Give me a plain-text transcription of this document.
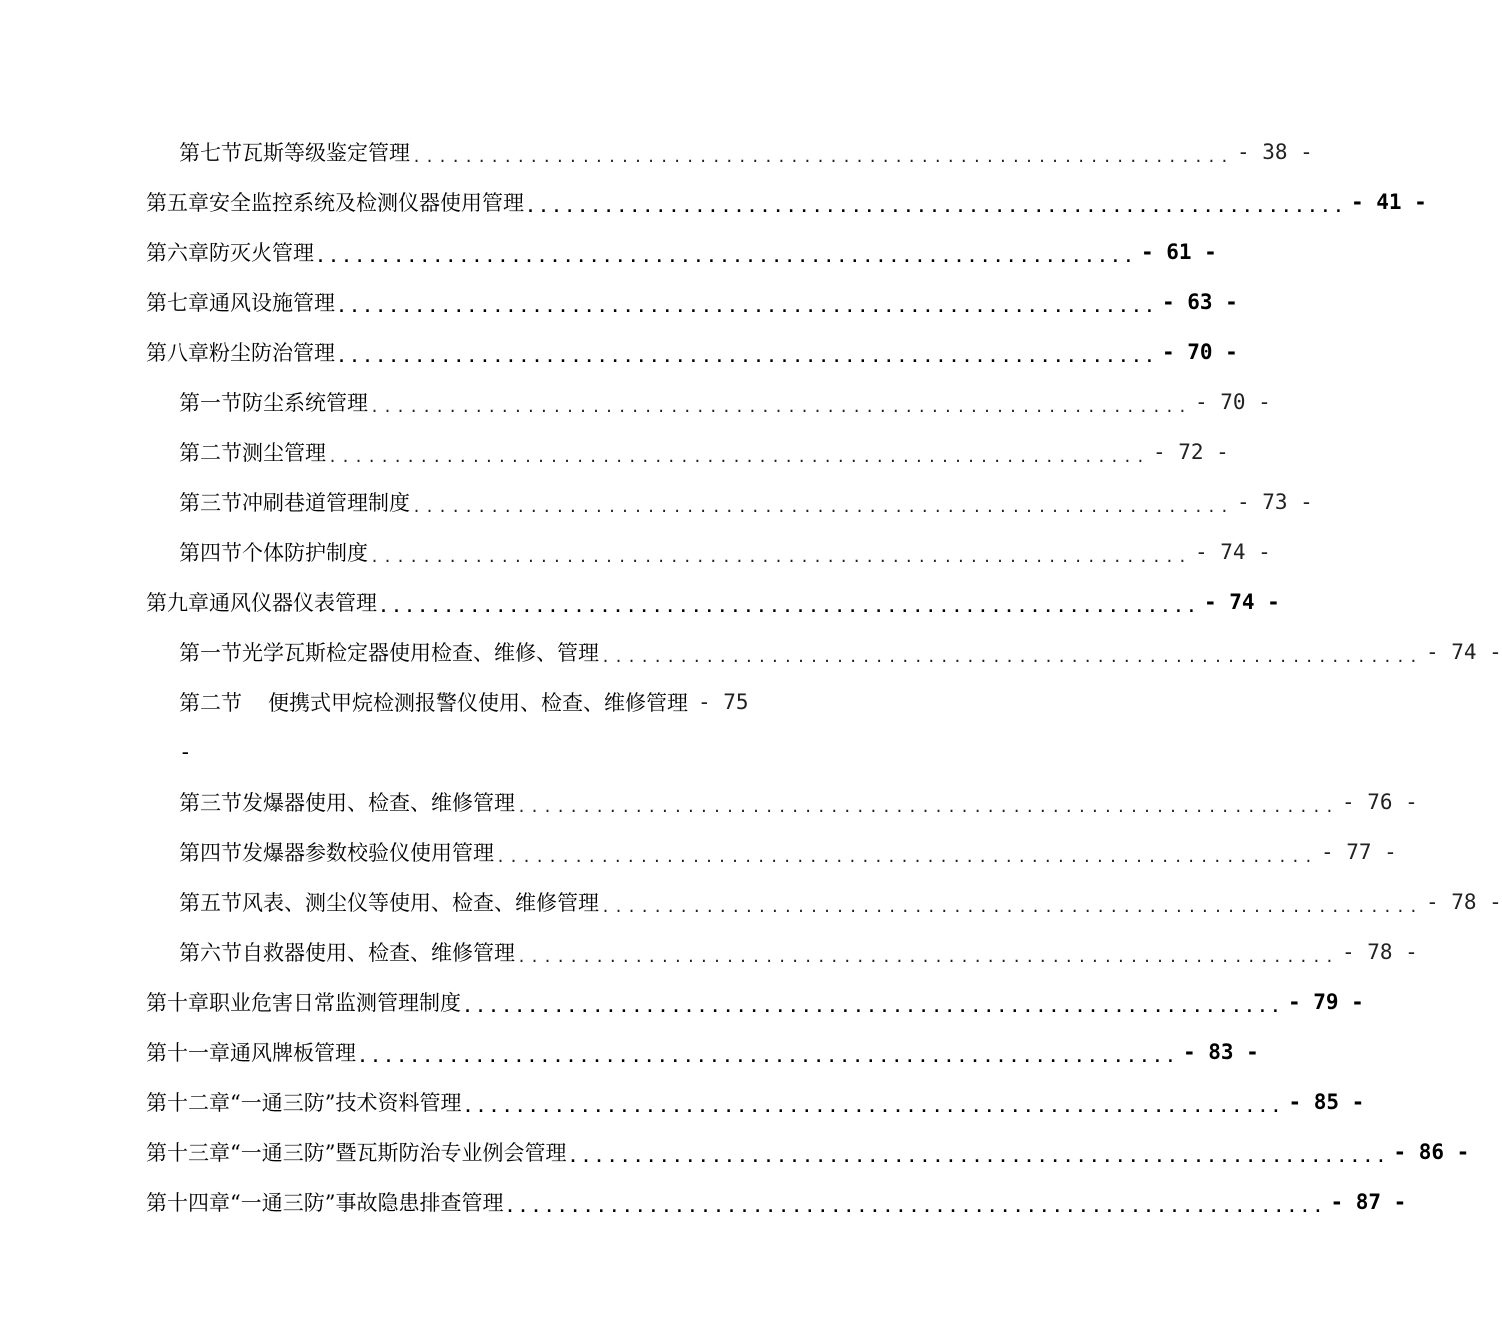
第七节 瓦斯等级鉴定管理 ............................................................... - 38 -
第五章 安全监控系统及检测仪器使用管理 ............................................................... - 41 -
第六章 防灭火管理 ............................................................... - 61 -
第七章 通风设施管理 ............................................................... - 63 -
第八章 粉尘防治管理 ............................................................... - 70 -
第一节 防尘系统管理 ............................................................... - 70 -
第二节 测尘管理 ............................................................... - 72 -
第三节 冲刷巷道管理制度 ............................................................... - 73 -
第四节 个体防护制度 ............................................................... - 74 -
第九章 通风仪器仪表管理 ............................................................... - 74 -
第一节 光学瓦斯检定器使用检查、维修、管理 ............................................................... - 74 -
第二节 便携式甲烷检测报警仪使用、检查、维修管理 - 75
-
第三节 发爆器使用、检查、维修管理 ............................................................... - 76 -
第四节 发爆器参数校验仪使用管理 ............................................................... - 77 -
第五节 风表、测尘仪等使用、检查、维修管理 ............................................................... - 78 -
第六节 自救器使用、检查、维修管理 ............................................................... - 78 -
第十章 职业危害日常监测管理制度 ............................................................... - 79 -
第十一章 通风牌板管理 ............................................................... - 83 -
第十二章 “一通三防”技术资料管理 ............................................................... - 85 -
第十三章 “一通三防”暨瓦斯防治专业例会管理 ............................................................... - 86 -
第十四章 “一通三防”事故隐患排查管理 ............................................................... - 87 -
